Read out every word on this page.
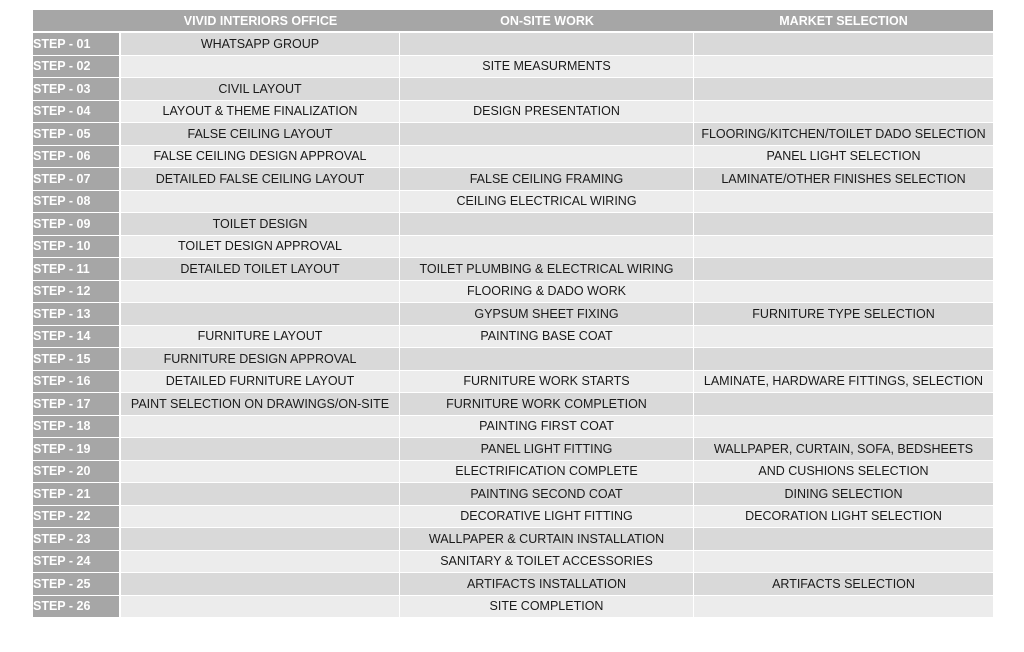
	VIVID INTERIORS OFFICE	ON-SITE WORK	MARKET SELECTION
STEP - 01	WHATSAPP GROUP		
STEP - 02		SITE MEASURMENTS	
STEP - 03	CIVIL LAYOUT		
STEP - 04	LAYOUT & THEME FINALIZATION	DESIGN PRESENTATION	
STEP - 05	FALSE CEILING LAYOUT		FLOORING/KITCHEN/TOILET DADO SELECTION
STEP - 06	FALSE CEILING DESIGN APPROVAL		PANEL LIGHT SELECTION
STEP - 07	DETAILED FALSE CEILING LAYOUT	FALSE CEILING FRAMING	LAMINATE/OTHER FINISHES SELECTION
STEP - 08		CEILING ELECTRICAL WIRING	
STEP - 09	TOILET DESIGN		
STEP - 10	TOILET DESIGN APPROVAL		
STEP - 11	DETAILED TOILET LAYOUT	TOILET PLUMBING & ELECTRICAL WIRING	
STEP - 12		FLOORING & DADO WORK	
STEP - 13		GYPSUM SHEET FIXING	FURNITURE TYPE SELECTION
STEP - 14	FURNITURE LAYOUT	PAINTING BASE COAT	
STEP - 15	FURNITURE DESIGN APPROVAL		
STEP - 16	DETAILED FURNITURE LAYOUT	FURNITURE WORK STARTS	LAMINATE, HARDWARE FITTINGS, SELECTION
STEP - 17	PAINT SELECTION ON DRAWINGS/ON-SITE	FURNITURE WORK COMPLETION	
STEP - 18		PAINTING FIRST COAT	
STEP - 19		PANEL LIGHT FITTING	WALLPAPER, CURTAIN, SOFA, BEDSHEETS
STEP - 20		ELECTRIFICATION COMPLETE	AND CUSHIONS SELECTION
STEP - 21		PAINTING SECOND COAT	DINING SELECTION
STEP - 22		DECORATIVE LIGHT FITTING	DECORATION LIGHT SELECTION
STEP - 23		WALLPAPER & CURTAIN INSTALLATION	
STEP - 24		SANITARY & TOILET ACCESSORIES	
STEP - 25		ARTIFACTS INSTALLATION	ARTIFACTS SELECTION
STEP - 26		SITE COMPLETION	
